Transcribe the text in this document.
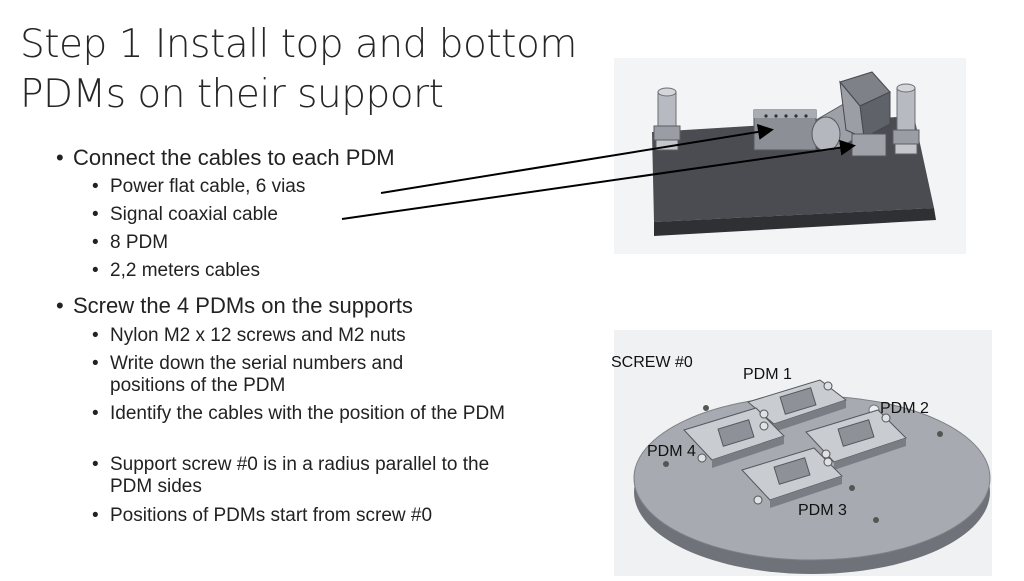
Step 1 Install top and bottom
PDMs on their support
• Connect the cables to each PDM
• Power flat cable, 6 vias
• Signal coaxial cable
• 8 PDM
• 2,2 meters cables
• Screw the 4 PDMs on the supports
• Nylon M2 x 12 screws and M2 nuts
• Write down the serial numbers and positions of the PDM
• Identify the cables with the position of the PDM
• Support screw #0 is in a radius parallel to the PDM sides
• Positions of PDMs start from screw #0
SCREW #0
PDM 1
PDM 2
PDM 4
PDM 3
